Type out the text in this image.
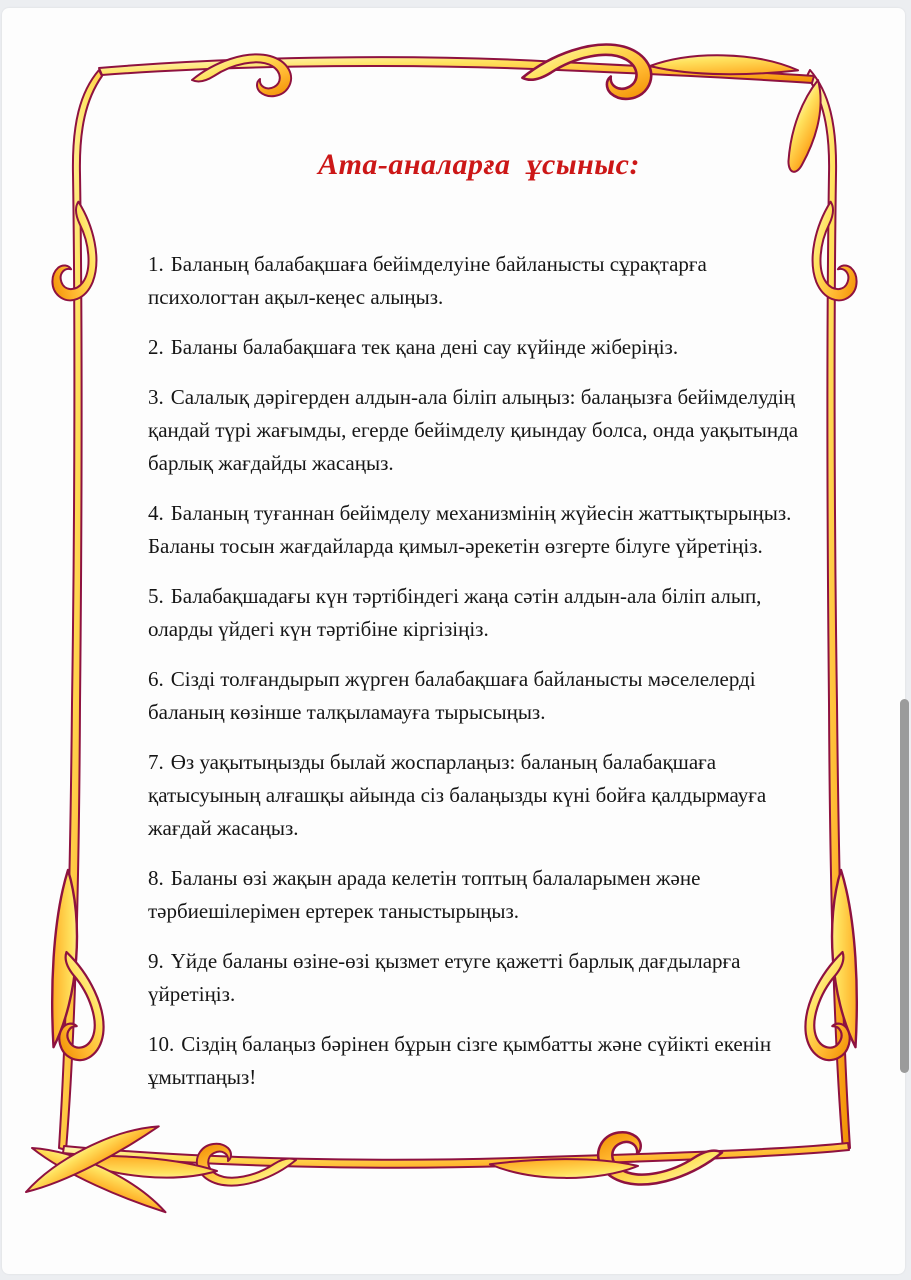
Ата-аналарға ұсыныс:

1. Баланың балабақшаға бейімделуіне байланысты сұрақтарға психологтан ақыл-кеңес алыңыз.

2. Баланы балабақшаға тек қана дені сау күйінде жіберіңіз.

3. Салалық дәрігерден алдын-ала біліп алыңыз: балаңызға бейімделудің қандай түрі жағымды, егерде бейімделу қиындау болса, онда уақытында барлық жағдайды жасаңыз.

4. Баланың туғаннан бейімделу механизмінің жүйесін жаттықтырыңыз. Баланы тосын жағдайларда қимыл-әрекетін өзгерте білуге үйретіңіз.

5. Балабақшадағы күн тәртібіндегі жаңа сәтін алдын-ала біліп алып, оларды үйдегі күн тәртібіне кіргізіңіз.

6. Сізді толғандырып жүрген балабақшаға байланысты мәселелерді баланың көзінше талқыламауға тырысыңыз.

7. Өз уақытыңызды былай жоспарлаңыз: баланың балабақшаға қатысуының алғашқы айында сіз балаңызды күні бойға қалдырмауға жағдай жасаңыз.

8. Баланы өзі жақын арада келетін топтың балаларымен және тәрбиешілерімен ертерек таныстырыңыз.

9. Үйде баланы өзіне-өзі қызмет етуге қажетті барлық дағдыларға үйретіңіз.

10. Сіздің балаңыз бәрінен бұрын сізге қымбатты және сүйікті екенін ұмытпаңыз!
